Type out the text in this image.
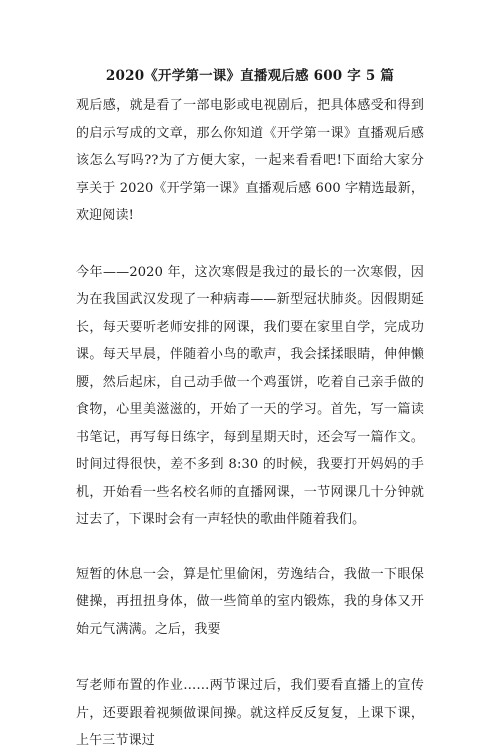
2020《开学第一课》直播观后感 600 字 5 篇

观后感，就是看了一部电影或电视剧后，把具体感受和得到的启示写成的文章，那么你知道《开学第一课》直播观后感该怎么写吗??为了方便大家，一起来看看吧!下面给大家分享关于 2020《开学第一课》直播观后感 600 字精选最新，欢迎阅读!

今年——2020 年，这次寒假是我过的最长的一次寒假，因为在我国武汉发现了一种病毒——新型冠状肺炎。因假期延长，每天要听老师安排的网课，我们要在家里自学，完成功课。每天早晨，伴随着小鸟的歌声，我会揉揉眼睛，伸伸懒腰，然后起床，自己动手做一个鸡蛋饼，吃着自己亲手做的食物，心里美滋滋的，开始了一天的学习。首先，写一篇读书笔记，再写每日练字，每到星期天时，还会写一篇作文。时间过得很快，差不多到 8:30 的时候，我要打开妈妈的手机，开始看一些名校名师的直播网课，一节网课几十分钟就过去了，下课时会有一声轻快的歌曲伴随着我们。

短暂的休息一会，算是忙里偷闲，劳逸结合，我做一下眼保健操，再扭扭身体，做一些简单的室内锻炼，我的身体又开始元气满满。之后，我要

写老师布置的作业……两节课过后，我们要看直播上的宣传片，还要跟着视频做课间操。就这样反反复复，上课下课，上午三节课过
